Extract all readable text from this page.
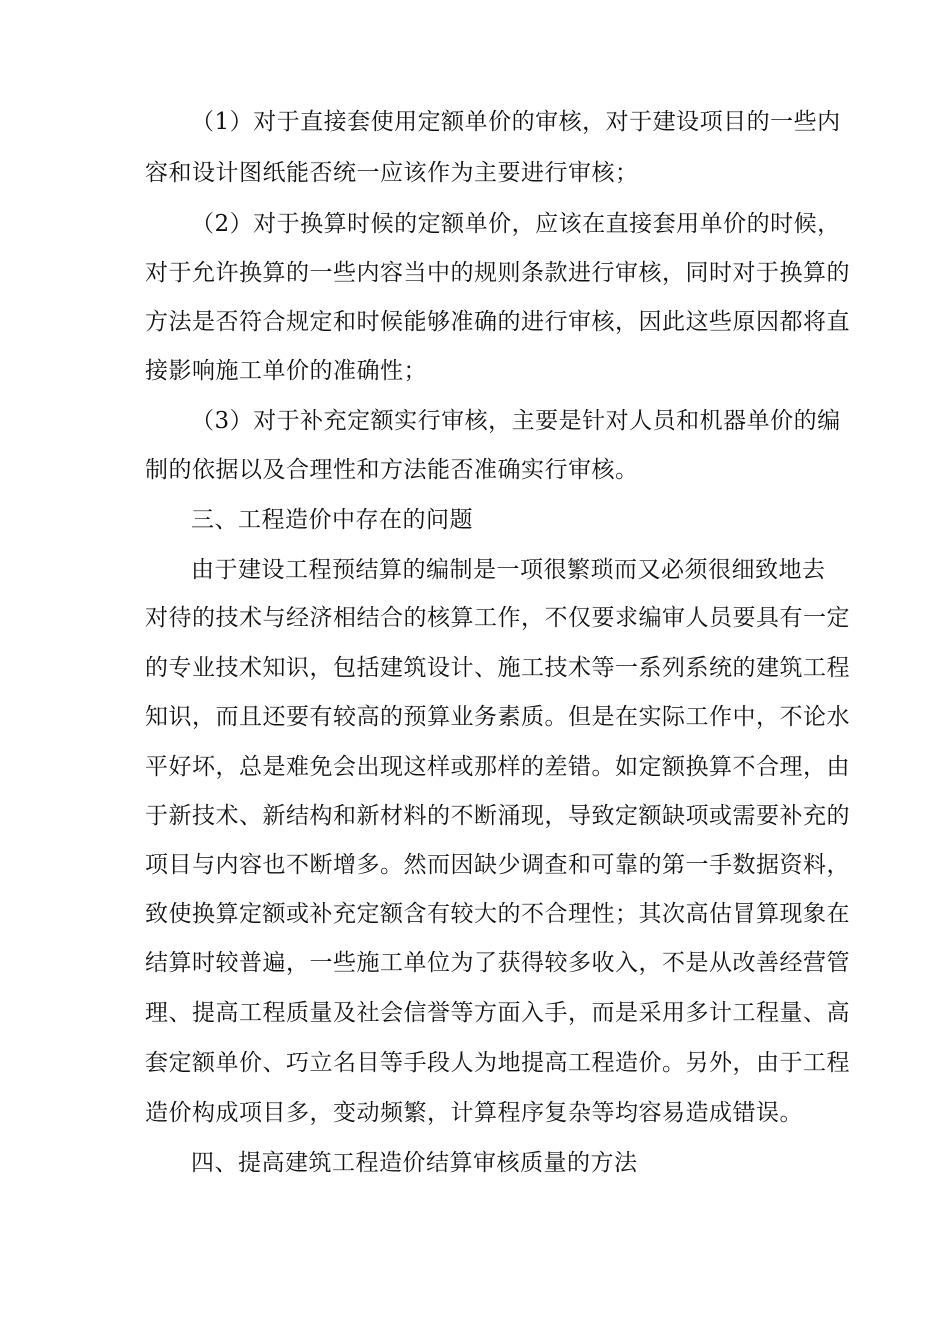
（1）对于直接套使用定额单价的审核，对于建设项目的一些内
容和设计图纸能否统一应该作为主要进行审核；
（2）对于换算时候的定额单价，应该在直接套用单价的时候，
对于允许换算的一些内容当中的规则条款进行审核，同时对于换算的
方法是否符合规定和时候能够准确的进行审核，因此这些原因都将直
接影响施工单价的准确性；
（3）对于补充定额实行审核，主要是针对人员和机器单价的编
制的依据以及合理性和方法能否准确实行审核。
三、工程造价中存在的问题
由于建设工程预结算的编制是一项很繁琐而又必须很细致地去
对待的技术与经济相结合的核算工作，不仅要求编审人员要具有一定
的专业技术知识，包括建筑设计、施工技术等一系列系统的建筑工程
知识，而且还要有较高的预算业务素质。但是在实际工作中，不论水
平好坏，总是难免会出现这样或那样的差错。如定额换算不合理，由
于新技术、新结构和新材料的不断涌现，导致定额缺项或需要补充的
项目与内容也不断增多。然而因缺少调查和可靠的第一手数据资料，
致使换算定额或补充定额含有较大的不合理性；其次高估冒算现象在
结算时较普遍，一些施工单位为了获得较多收入，不是从改善经营管
理、提高工程质量及社会信誉等方面入手，而是采用多计工程量、高
套定额单价、巧立名目等手段人为地提高工程造价。另外，由于工程
造价构成项目多，变动频繁，计算程序复杂等均容易造成错误。
四、提高建筑工程造价结算审核质量的方法
